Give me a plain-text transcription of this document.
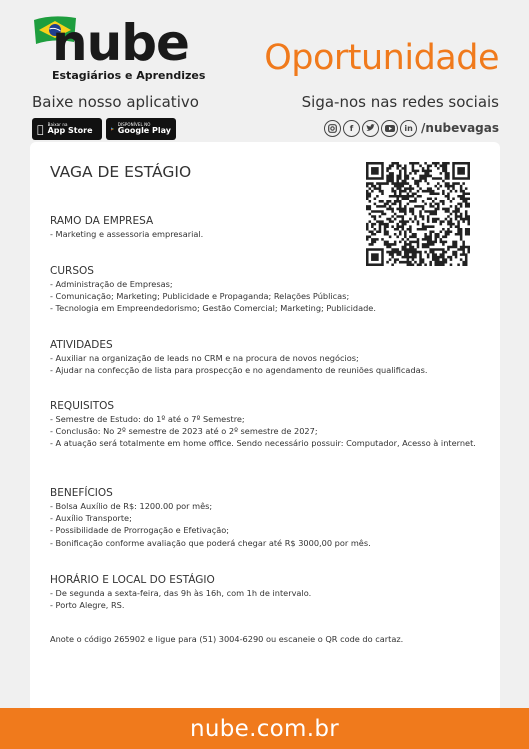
nube
Estagiários e Aprendizes Oportunidade
Baixe nosso aplicativo
Baixar na
App Store
DISPONÍVEL NO
Google Play
Siga-nos nas redes sociais
f	in /nubevagas
VAGA DE ESTÁGIO
RAMO DA EMPRESA
- Marketing e assessoria empresarial.
CURSOS
- Administração de Empresas;
- Comunicação; Marketing; Publicidade e Propaganda; Relações Públicas;
- Tecnologia em Empreendedorismo; Gestão Comercial; Marketing; Publicidade.
ATIVIDADES
- Auxiliar na organização de leads no CRM e na procura de novos negócios;
- Ajudar na confecção de lista para prospecção e no agendamento de reuniões qualificadas.
REQUISITOS
- Semestre de Estudo: do 1º até o 7º Semestre;
- Conclusão: No 2º semestre de 2023 até o 2º semestre de 2027;
- A atuação será totalmente em home office. Sendo necessário possuir: Computador, Acesso à internet.
BENEFÍCIOS
- Bolsa Auxílio de R$: 1200.00 por mês;
- Auxílio Transporte;
- Possibilidade de Prorrogação e Efetivação;
- Bonificação conforme avaliação que poderá chegar até R$ 3000,00 por mês.
HORÁRIO E LOCAL DO ESTÁGIO
- De segunda a sexta-feira, das 9h às 16h, com 1h de intervalo.
- Porto Alegre, RS.
Anote o código 265902 e ligue para (51) 3004-6290 ou escaneie o QR code do cartaz.
nube.com.br
